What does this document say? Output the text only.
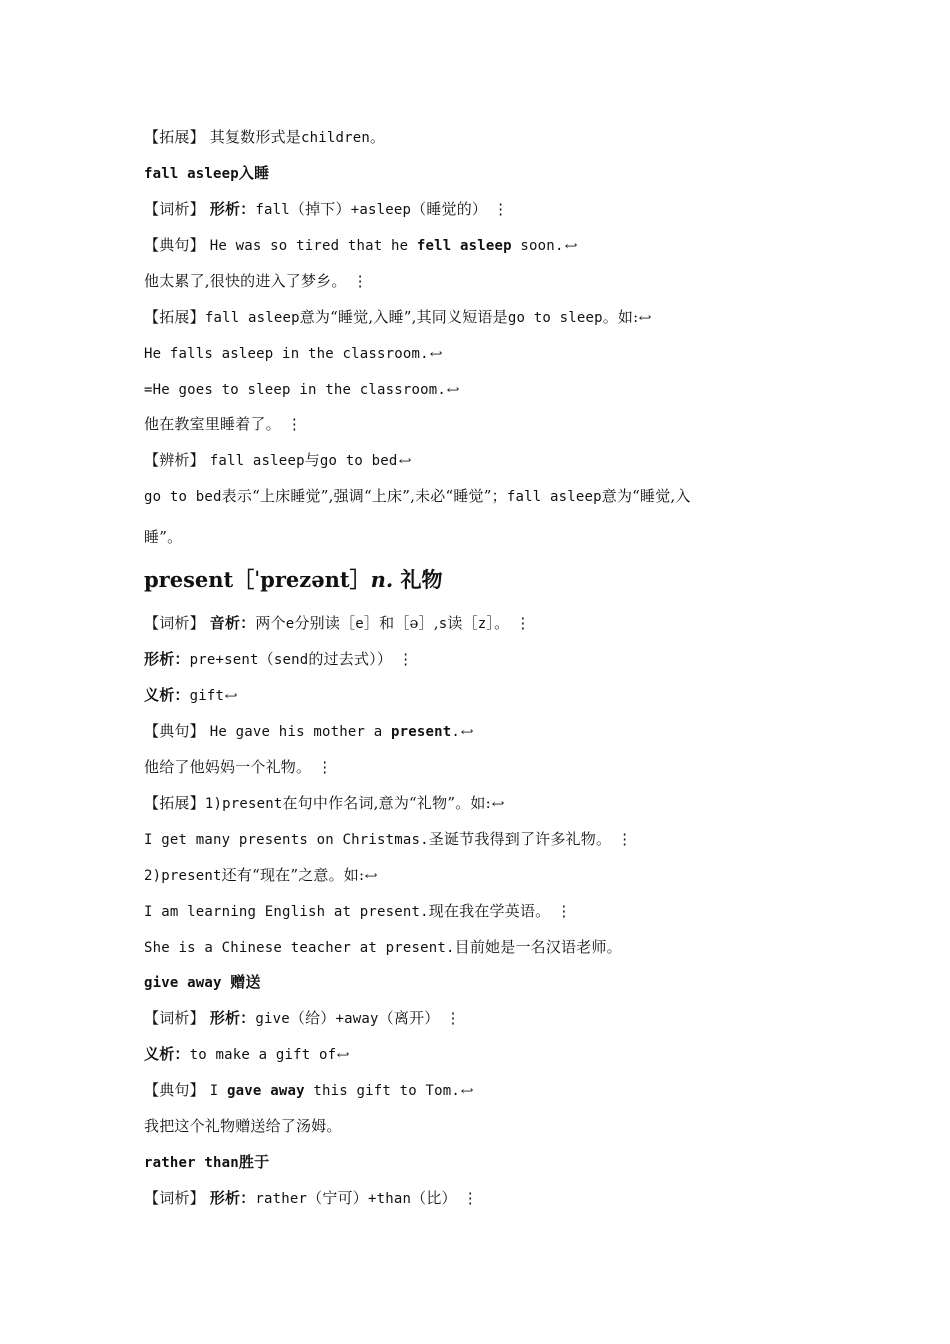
【拓展】 其复数形式是children。
fall asleep入睡
【词析】 形析：fall（掉下）+asleep（睡觉的） ⋮
【典句】 He was so tired that he fell asleep soon.↩
他太累了,很快的进入了梦乡。 ⋮
【拓展】fall asleep意为“睡觉,入睡”,其同义短语是go to sleep。如:↩
He falls asleep in the classroom.↩
=He goes to sleep in the classroom.↩
他在教室里睡着了。 ⋮
【辨析】 fall asleep与go to bed↩
go to bed表示“上床睡觉”,强调“上床”,未必“睡觉”；fall asleep意为“睡觉,入
睡”。
present［ˈprezənt］n. 礼物
【词析】 音析：两个e分别读［e］和［ə］,s读［z］。 ⋮
形析：pre+sent（send的过去式）） ⋮
义析：gift↩
【典句】 He gave his mother a present.↩
他给了他妈妈一个礼物。 ⋮
【拓展】1)present在句中作名词,意为“礼物”。如:↩
I get many presents on Christmas.圣诞节我得到了许多礼物。 ⋮
2)present还有“现在”之意。如:↩
I am learning English at present.现在我在学英语。 ⋮
She is a Chinese teacher at present.目前她是一名汉语老师。
give away 赠送
【词析】 形析：give（给）+away（离开） ⋮
义析：to make a gift of↩
【典句】 I gave away this gift to Tom.↩
我把这个礼物赠送给了汤姆。
rather than胜于
【词析】 形析：rather（宁可）+than（比） ⋮
